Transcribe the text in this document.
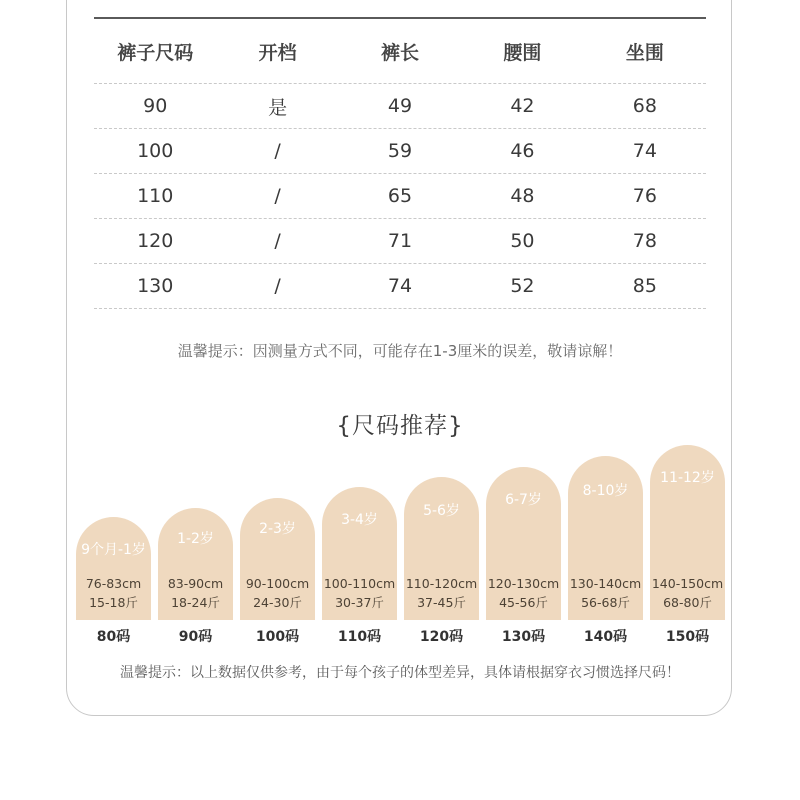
裤子尺码	开档	裤长	腰围	坐围
90	是	49	42	68
100	/	59	46	74
110	/	65	48	76
120	/	71	50	78
130	/	74	52	85
温馨提示：因测量方式不同，可能存在1-3厘米的误差，敬请谅解！
{尺码推荐}
9个月-1岁
76-83cm
15-18斤
1-2岁
83-90cm
18-24斤
2-3岁
90-100cm
24-30斤
3-4岁
100-110cm
30-37斤
5-6岁
110-120cm
37-45斤
6-7岁
120-130cm
45-56斤
8-10岁
130-140cm
56-68斤
11-12岁
140-150cm
68-80斤
80码	90码	100码	110码	120码	130码	140码	150码
温馨提示：以上数据仅供参考，由于每个孩子的体型差异，具体请根据穿衣习惯选择尺码！
